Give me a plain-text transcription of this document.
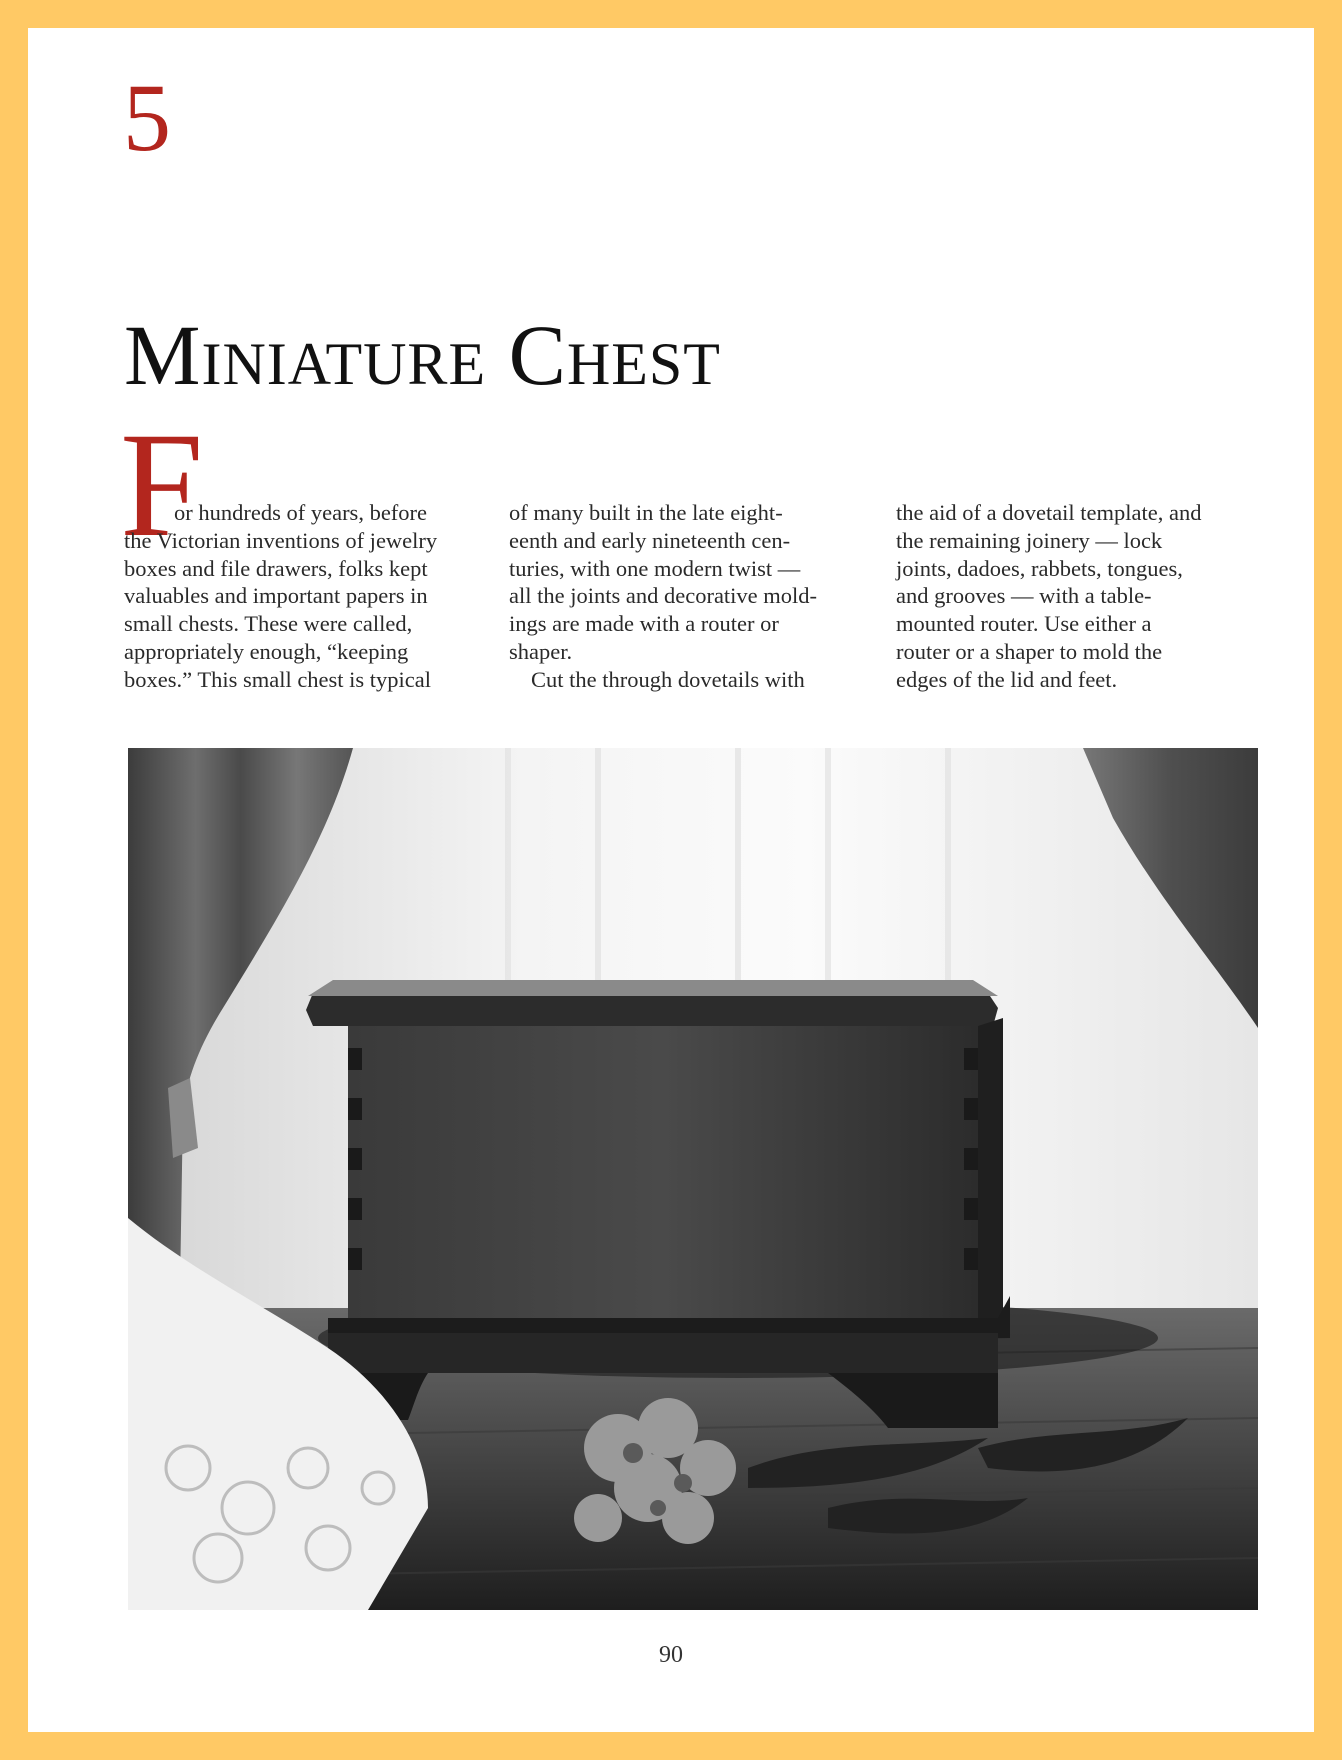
5
Miniature Chest
F
or hundreds of years, before
the Victorian inventions of jewelry
boxes and file drawers, folks kept
valuables and important papers in
small chests. These were called,
appropriately enough, “keeping
boxes.” This small chest is typical
of many built in the late eight-
eenth and early nineteenth cen-
turies, with one modern twist —
all the joints and decorative mold-
ings are made with a router or
shaper.
Cut the through dovetails with
the aid of a dovetail template, and
the remaining joinery — lock
joints, dadoes, rabbets, tongues,
and grooves — with a table-
mounted router. Use either a
router or a shaper to mold the
edges of the lid and feet.
90
